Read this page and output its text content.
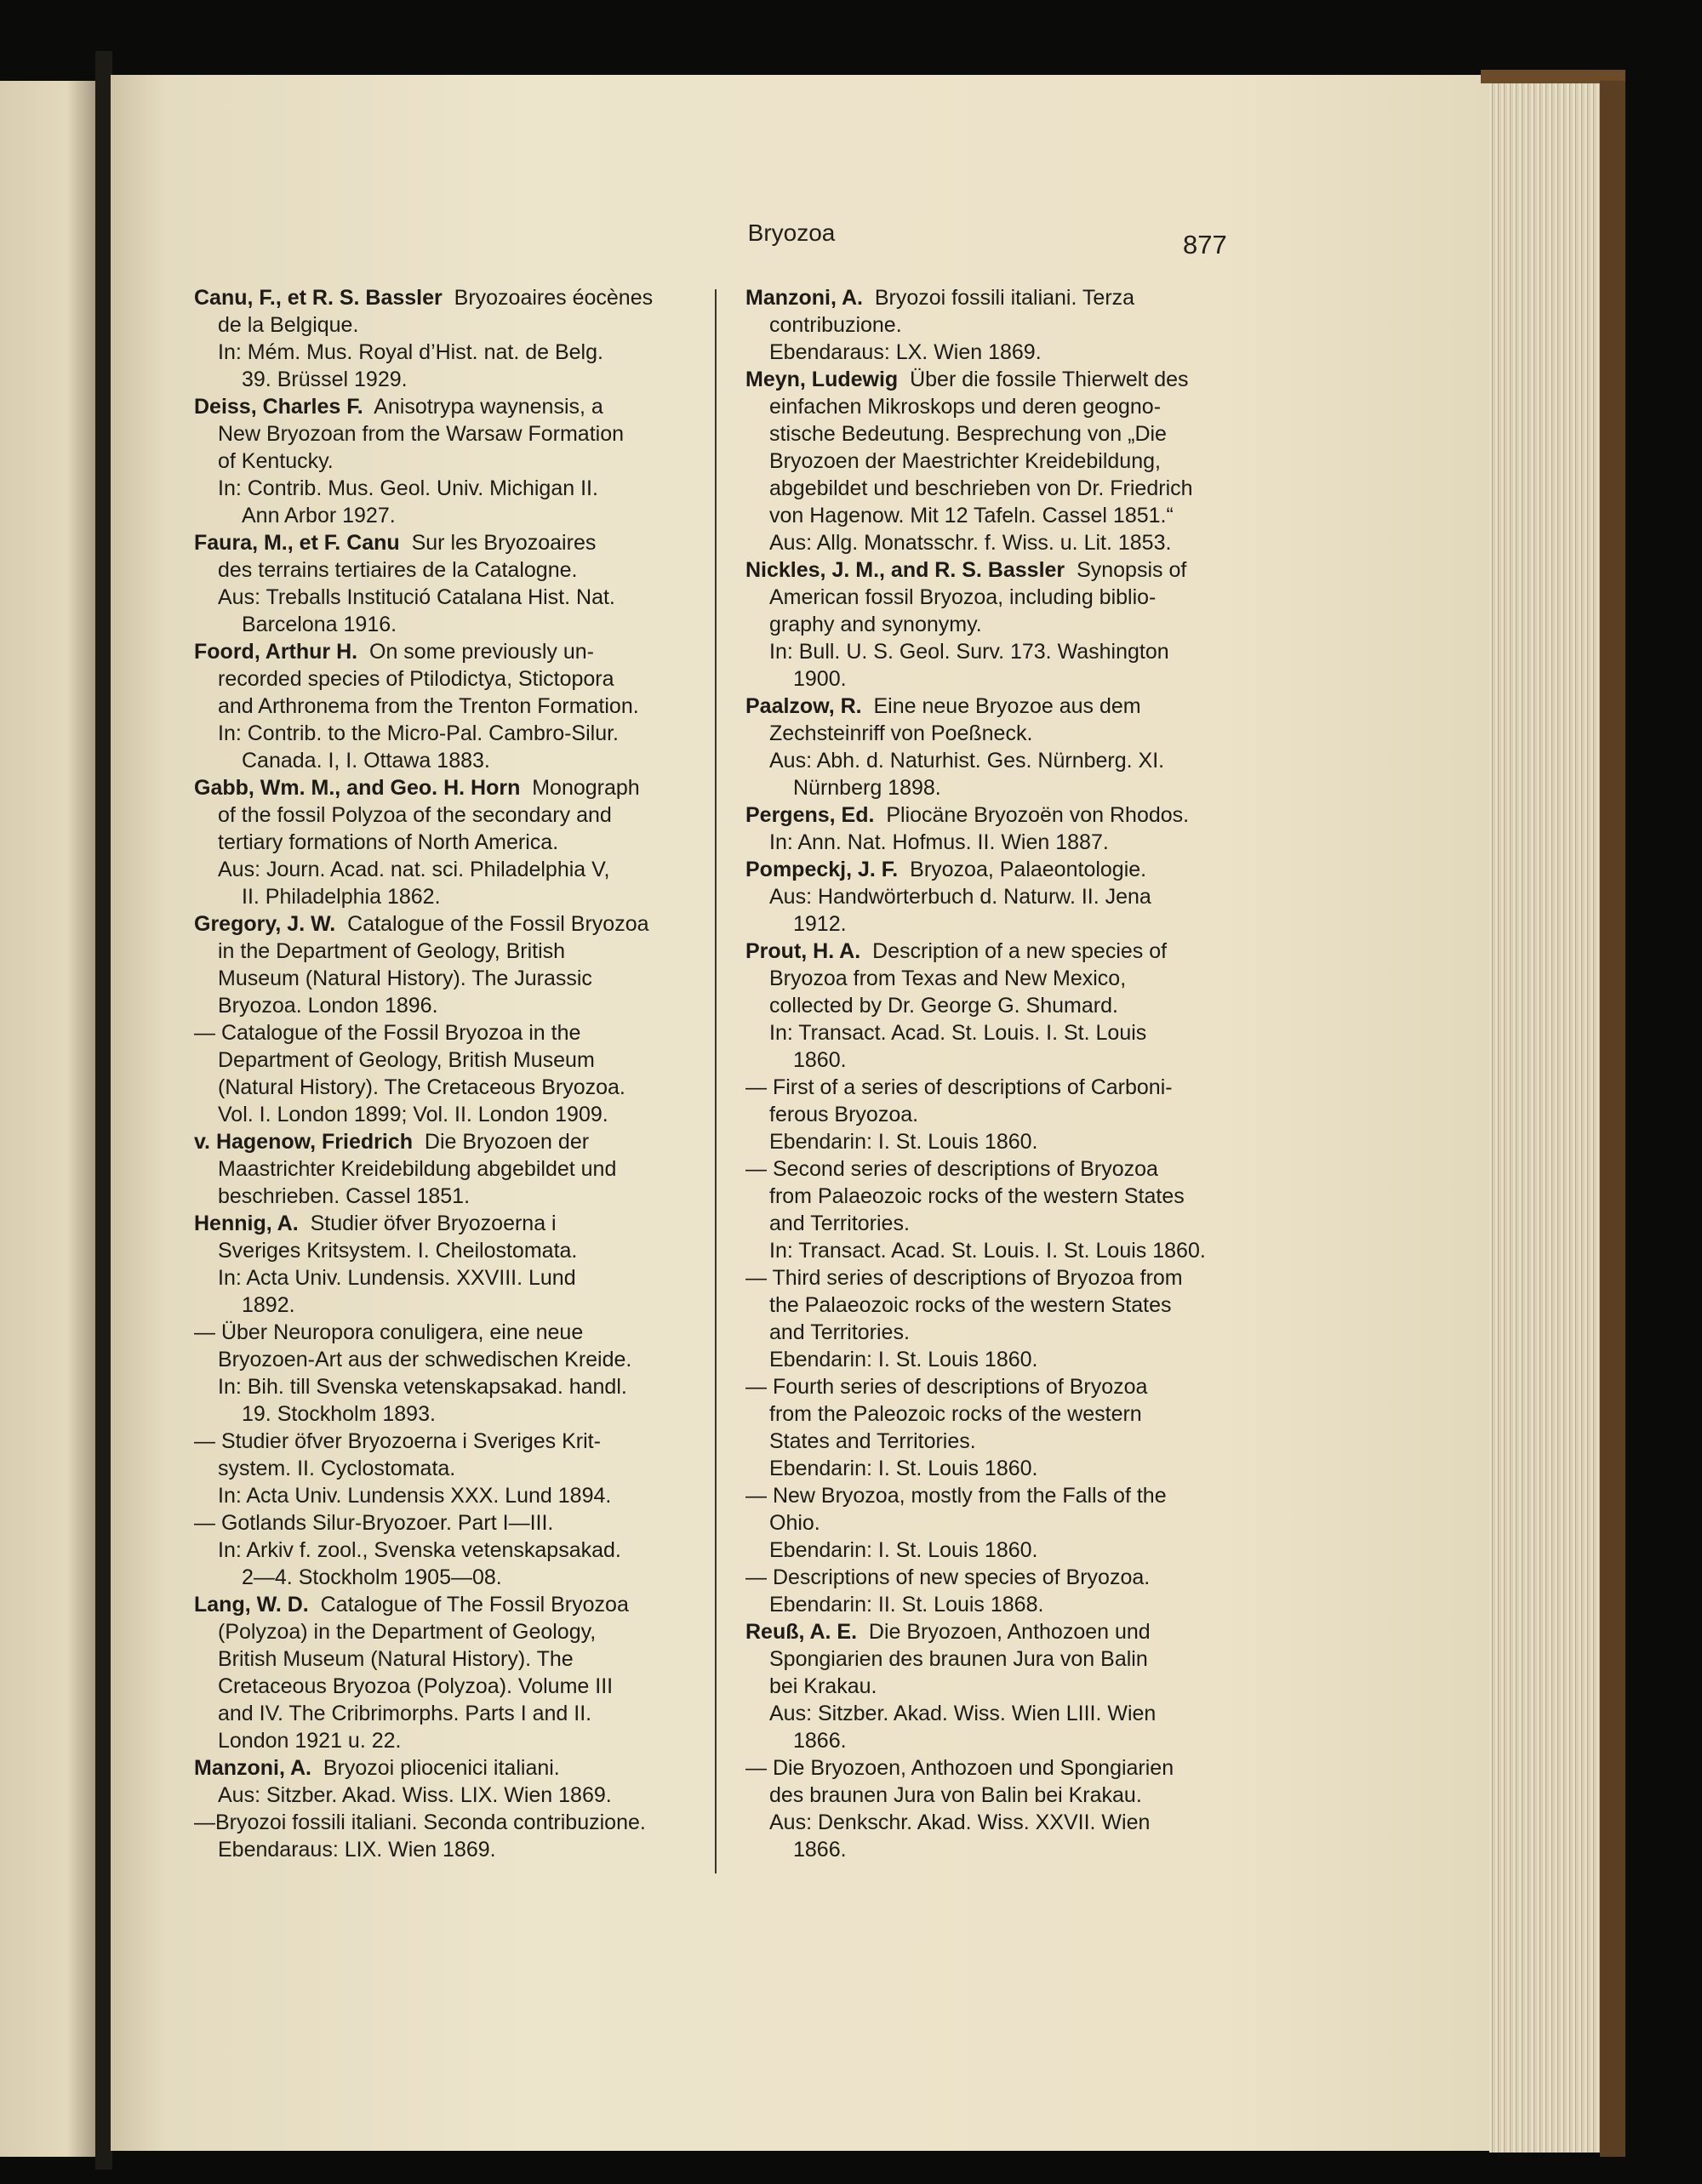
Bryozoa	877
Canu, F., et R. S. Bassler  Bryozoaires éocènes
de la Belgique.
In: Mém. Mus. Royal d’Hist. nat. de Belg.
39. Brüssel 1929.
Deiss, Charles F.  Anisotrypa waynensis, a
New Bryozoan from the Warsaw Formation
of Kentucky.
In: Contrib. Mus. Geol. Univ. Michigan II.
Ann Arbor 1927.
Faura, M., et F. Canu  Sur les Bryozoaires
des terrains tertiaires de la Catalogne.
Aus: Treballs Institució Catalana Hist. Nat.
Barcelona 1916.
Foord, Arthur H.  On some previously un-
recorded species of Ptilodictya, Stictopora
and Arthronema from the Trenton Formation.
In: Contrib. to the Micro-Pal. Cambro-Silur.
Canada. I, I. Ottawa 1883.
Gabb, Wm. M., and Geo. H. Horn  Monograph
of the fossil Polyzoa of the secondary and
tertiary formations of North America.
Aus: Journ. Acad. nat. sci. Philadelphia V,
II. Philadelphia 1862.
Gregory, J. W.  Catalogue of the Fossil Bryozoa
in the Department of Geology, British
Museum (Natural History). The Jurassic
Bryozoa. London 1896.
— Catalogue of the Fossil Bryozoa in the
Department of Geology, British Museum
(Natural History). The Cretaceous Bryozoa.
Vol. I. London 1899; Vol. II. London 1909.
v. Hagenow, Friedrich  Die Bryozoen der
Maastrichter Kreidebildung abgebildet und
beschrieben. Cassel 1851.
Hennig, A.  Studier öfver Bryozoerna i
Sveriges Kritsystem. I. Cheilostomata.
In: Acta Univ. Lundensis. XXVIII. Lund
1892.
— Über Neuropora conuligera, eine neue
Bryozoen-Art aus der schwedischen Kreide.
In: Bih. till Svenska vetenskapsakad. handl.
19. Stockholm 1893.
— Studier öfver Bryozoerna i Sveriges Krit-
system. II. Cyclostomata.
In: Acta Univ. Lundensis XXX. Lund 1894.
— Gotlands Silur-Bryozoer. Part I—III.
In: Arkiv f. zool., Svenska vetenskapsakad.
2—4. Stockholm 1905—08.
Lang, W. D.  Catalogue of The Fossil Bryozoa
(Polyzoa) in the Department of Geology,
British Museum (Natural History). The
Cretaceous Bryozoa (Polyzoa). Volume III
and IV. The Cribrimorphs. Parts I and II.
London 1921 u. 22.
Manzoni, A.  Bryozoi pliocenici italiani.
Aus: Sitzber. Akad. Wiss. LIX. Wien 1869.
—Bryozoi fossili italiani. Seconda contribuzione.
Ebendaraus: LIX. Wien 1869.
Manzoni, A.  Bryozoi fossili italiani. Terza
contribuzione.
Ebendaraus: LX. Wien 1869.
Meyn, Ludewig  Über die fossile Thierwelt des
einfachen Mikroskops und deren geogno-
stische Bedeutung. Besprechung von „Die
Bryozoen der Maestrichter Kreidebildung,
abgebildet und beschrieben von Dr. Friedrich
von Hagenow. Mit 12 Tafeln. Cassel 1851.“
Aus: Allg. Monatsschr. f. Wiss. u. Lit. 1853.
Nickles, J. M., and R. S. Bassler  Synopsis of
American fossil Bryozoa, including biblio-
graphy and synonymy.
In: Bull. U. S. Geol. Surv. 173. Washington
1900.
Paalzow, R.  Eine neue Bryozoe aus dem
Zechsteinriff von Poeßneck.
Aus: Abh. d. Naturhist. Ges. Nürnberg. XI.
Nürnberg 1898.
Pergens, Ed.  Pliocäne Bryozoën von Rhodos.
In: Ann. Nat. Hofmus. II. Wien 1887.
Pompeckj, J. F.  Bryozoa, Palaeontologie.
Aus: Handwörterbuch d. Naturw. II. Jena
1912.
Prout, H. A.  Description of a new species of
Bryozoa from Texas and New Mexico,
collected by Dr. George G. Shumard.
In: Transact. Acad. St. Louis. I. St. Louis
1860.
— First of a series of descriptions of Carboni-
ferous Bryozoa.
Ebendarin: I. St. Louis 1860.
— Second series of descriptions of Bryozoa
from Palaeozoic rocks of the western States
and Territories.
In: Transact. Acad. St. Louis. I. St. Louis 1860.
— Third series of descriptions of Bryozoa from
the Palaeozoic rocks of the western States
and Territories.
Ebendarin: I. St. Louis 1860.
— Fourth series of descriptions of Bryozoa
from the Paleozoic rocks of the western
States and Territories.
Ebendarin: I. St. Louis 1860.
— New Bryozoa, mostly from the Falls of the
Ohio.
Ebendarin: I. St. Louis 1860.
— Descriptions of new species of Bryozoa.
Ebendarin: II. St. Louis 1868.
Reuß, A. E.  Die Bryozoen, Anthozoen und
Spongiarien des braunen Jura von Balin
bei Krakau.
Aus: Sitzber. Akad. Wiss. Wien LIII. Wien
1866.
— Die Bryozoen, Anthozoen und Spongiarien
des braunen Jura von Balin bei Krakau.
Aus: Denkschr. Akad. Wiss. XXVII. Wien
1866.
